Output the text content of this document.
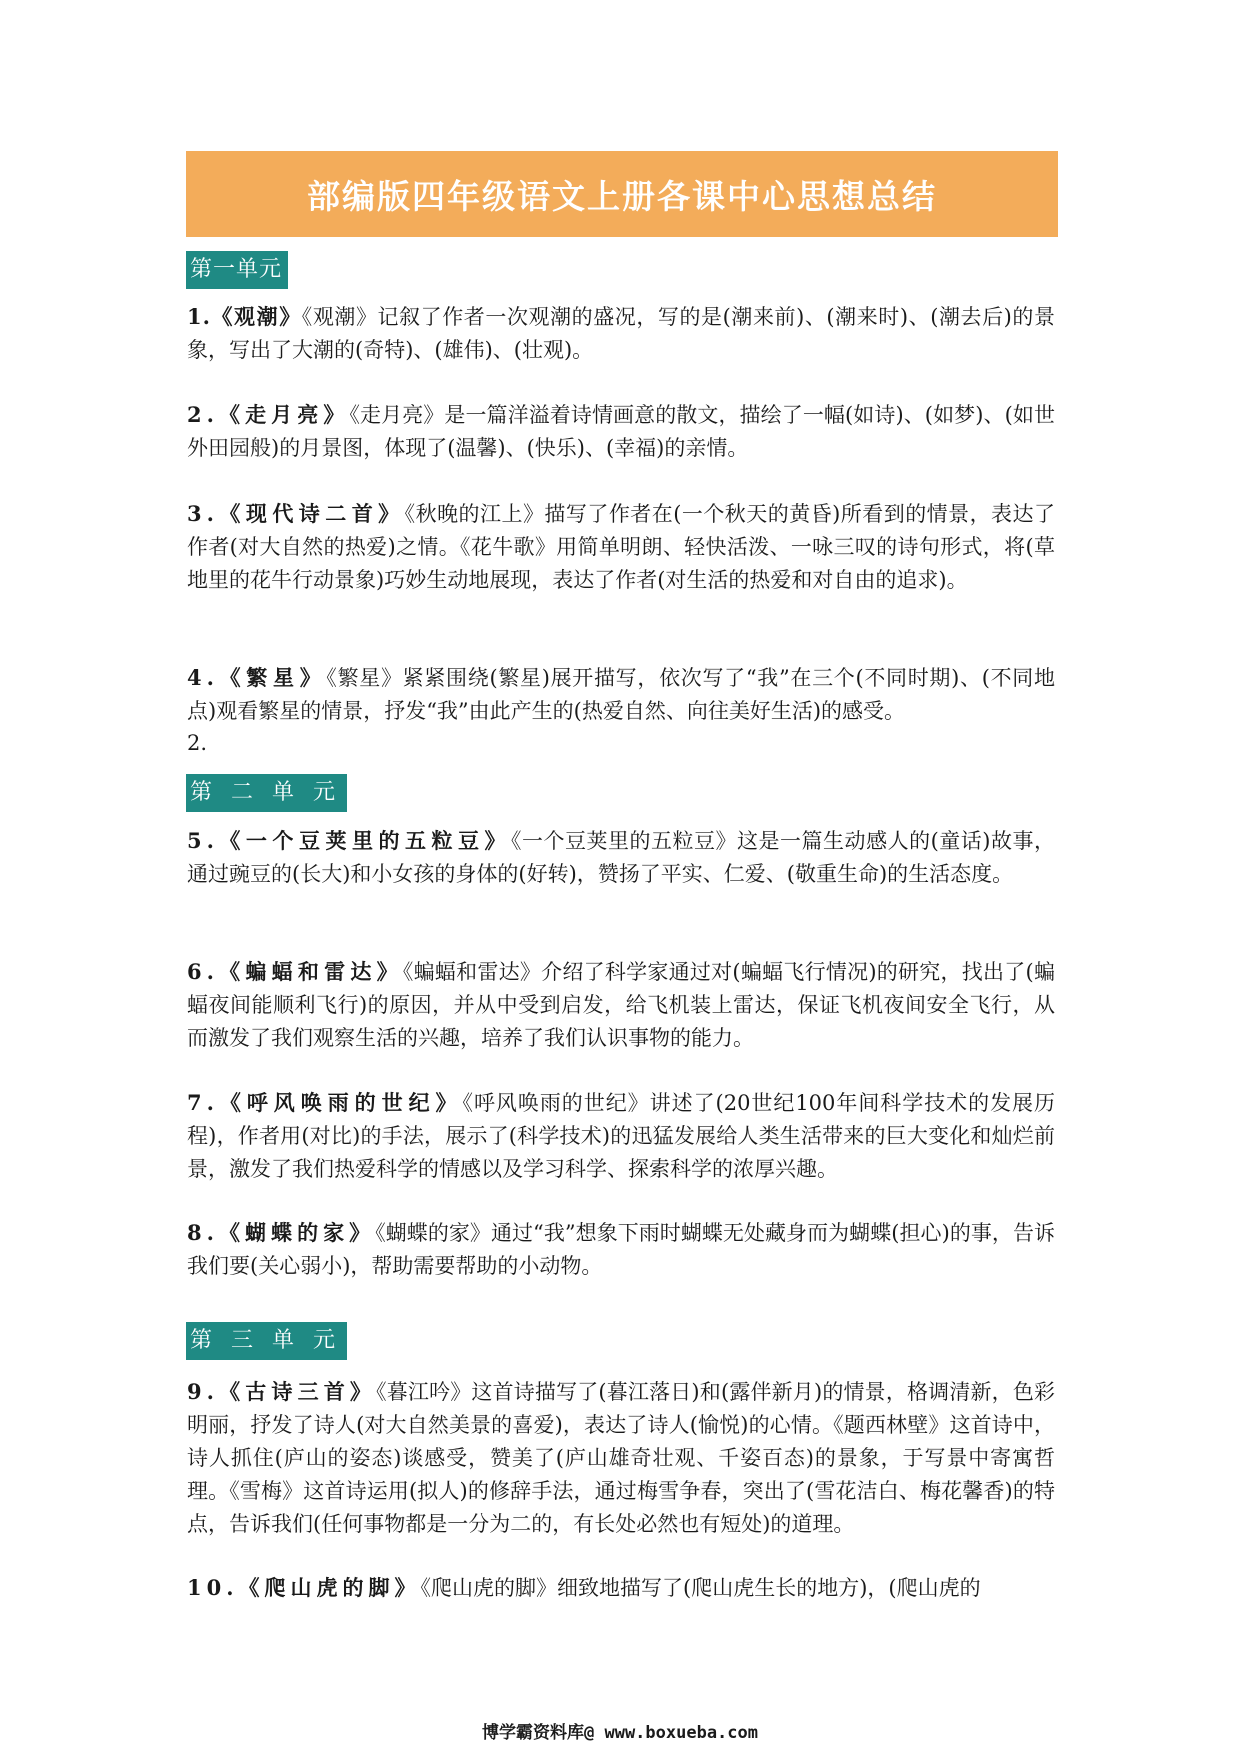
部编版四年级语文上册各课中心思想总结
第一单元

1.《观潮》《观潮》记叙了作者一次观潮的盛况，写的是(潮来前)、(潮来时)、(潮去后)的景象，写出了大潮的(奇特)、(雄伟)、(壮观)。

2.《走月亮》《走月亮》是一篇洋溢着诗情画意的散文，描绘了一幅(如诗)、(如梦)、(如世外田园般)的月景图，体现了(温馨)、(快乐)、(幸福)的亲情。

3.《现代诗二首》《秋晚的江上》描写了作者在(一个秋天的黄昏)所看到的情景，表达了作者(对大自然的热爱)之情。《花牛歌》用简单明朗、轻快活泼、一咏三叹的诗句形式，将(草地里的花牛行动景象)巧妙生动地展现，表达了作者(对生活的热爱和对自由的追求)。

4.《繁星》《繁星》紧紧围绕(繁星)展开描写，依次写了“我”在三个(不同时期)、(不同地点)观看繁星的情景，抒发“我”由此产生的(热爱自然、向往美好生活)的感受。

2.

第 二 单 元

5.《一个豆荚里的五粒豆》《一个豆荚里的五粒豆》这是一篇生动感人的(童话)故事，通过豌豆的(长大)和小女孩的身体的(好转)，赞扬了平实、仁爱、(敬重生命)的生活态度。

6.《蝙蝠和雷达》《蝙蝠和雷达》介绍了科学家通过对(蝙蝠飞行情况)的研究，找出了(蝙蝠夜间能顺利飞行)的原因，并从中受到启发，给飞机装上雷达，保证飞机夜间安全飞行，从而激发了我们观察生活的兴趣，培养了我们认识事物的能力。

7.《呼风唤雨的世纪》《呼风唤雨的世纪》讲述了(20世纪100年间科学技术的发展历程)，作者用(对比)的手法，展示了(科学技术)的迅猛发展给人类生活带来的巨大变化和灿烂前景，激发了我们热爱科学的情感以及学习科学、探索科学的浓厚兴趣。

8.《蝴蝶的家》《蝴蝶的家》通过“我”想象下雨时蝴蝶无处藏身而为蝴蝶(担心)的事，告诉我们要(关心弱小)，帮助需要帮助的小动物。

第 三 单 元

9.《古诗三首》《暮江吟》这首诗描写了(暮江落日)和(露伴新月)的情景，格调清新，色彩明丽，抒发了诗人(对大自然美景的喜爱)，表达了诗人(愉悦)的心情。《题西林壁》这首诗中，诗人抓住(庐山的姿态)谈感受，赞美了(庐山雄奇壮观、千姿百态)的景象，于写景中寄寓哲理。《雪梅》这首诗运用(拟人)的修辞手法，通过梅雪争春，突出了(雪花洁白、梅花馨香)的特点，告诉我们(任何事物都是一分为二的，有长处必然也有短处)的道理。

10.《爬山虎的脚》《爬山虎的脚》细致地描写了(爬山虎生长的地方)，(爬山虎的

博学霸资料库@ www.boxueba.com
